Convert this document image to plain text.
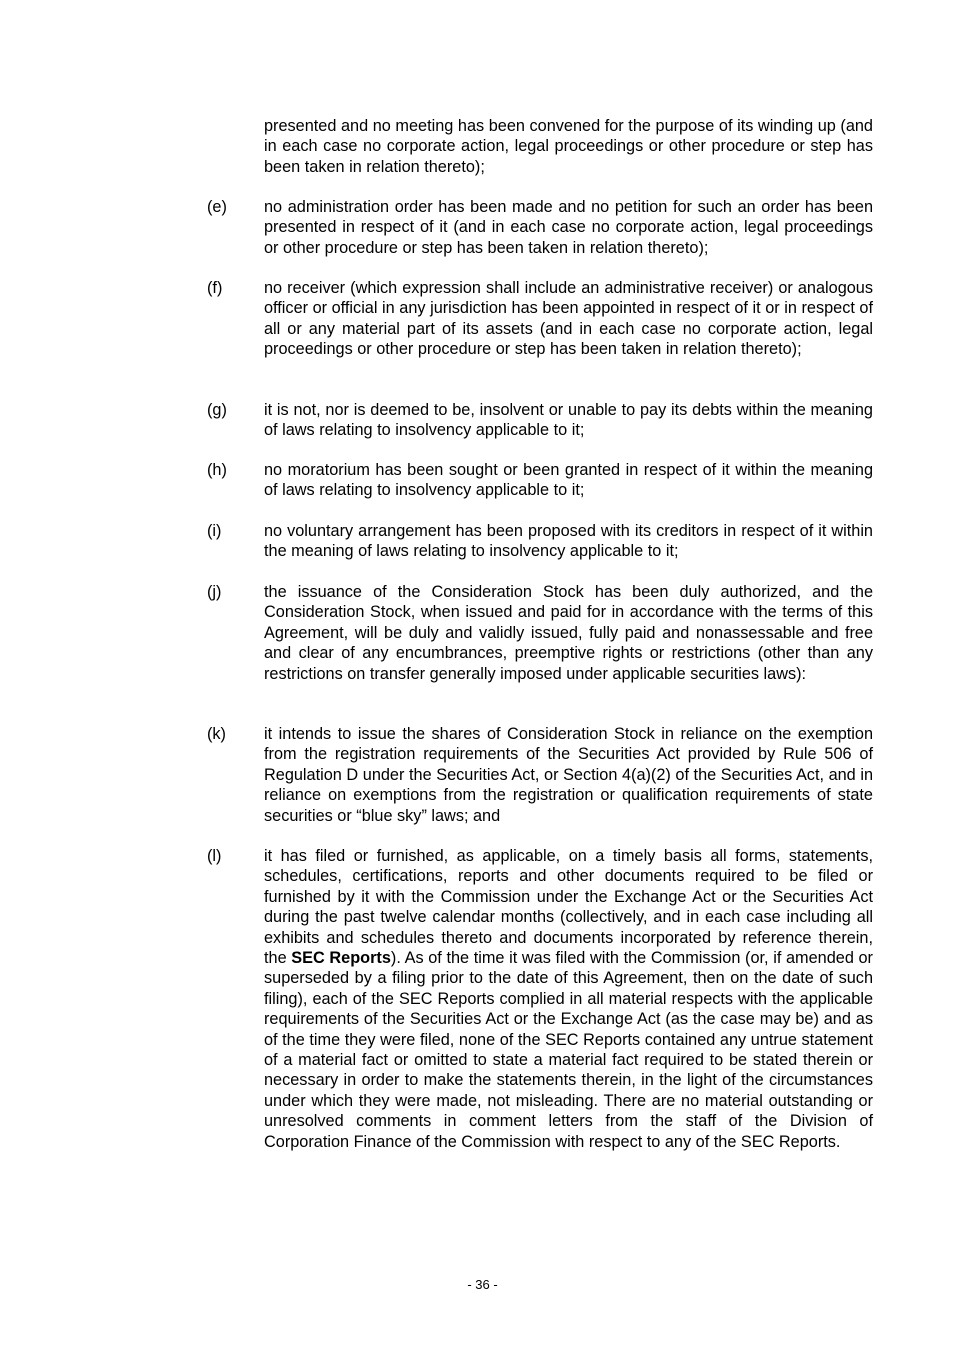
presented and no meeting has been convened for the purpose of its winding up (and in each case no corporate action, legal proceedings or other procedure or step has been taken in relation thereto);

(e) no administration order has been made and no petition for such an order has been presented in respect of it (and in each case no corporate action, legal proceedings or other procedure or step has been taken in relation thereto);

(f)	no receiver (which expression shall include an administrative receiver) or analogous officer or official in any jurisdiction has been appointed in respect of it or in respect of all or any material part of its assets (and in each case no corporate action, legal proceedings or other procedure or step has been taken in relation thereto);

(g) it is not, nor is deemed to be, insolvent or unable to pay its debts within the meaning of laws relating to insolvency applicable to it;

(h) no moratorium has been sought or been granted in respect of it within the meaning of laws relating to insolvency applicable to it;

(i)	no voluntary arrangement has been proposed with its creditors in respect of it within the meaning of laws relating to insolvency applicable to it;

(j)	the issuance of the Consideration Stock has been duly authorized, and the Consideration Stock, when issued and paid for in accordance with the terms of this Agreement, will be duly and validly issued, fully paid and nonassessable and free and clear of any encumbrances, preemptive rights or restrictions (other than any restrictions on transfer generally imposed under applicable securities laws):

(k) it intends to issue the shares of Consideration Stock in reliance on the exemption from the registration requirements of the Securities Act provided by Rule 506 of Regulation D under the Securities Act, or Section 4(a)(2) of the Securities Act, and in reliance on exemptions from the registration or qualification requirements of state securities or “blue sky” laws; and

(l)	it has filed or furnished, as applicable, on a timely basis all forms, statements, schedules, certifications, reports and other documents required to be filed or furnished by it with the Commission under the Exchange Act or the Securities Act during the past twelve calendar months (collectively, and in each case including all exhibits and schedules thereto and documents incorporated by reference therein, the SEC Reports). As of the time it was filed with the Commission (or, if amended or superseded by a filing prior to the date of this Agreement, then on the date of such filing), each of the SEC Reports complied in all material respects with the applicable requirements of the Securities Act or the Exchange Act (as the case may be) and as of the time they were filed, none of the SEC Reports contained any untrue statement of a material fact or omitted to state a material fact required to be stated therein or necessary in order to make the statements therein, in the light of the circumstances under which they were made, not misleading. There are no material outstanding or unresolved comments in comment letters from the staff of the Division of Corporation Finance of the Commission with respect to any of the SEC Reports.

- 36 -
